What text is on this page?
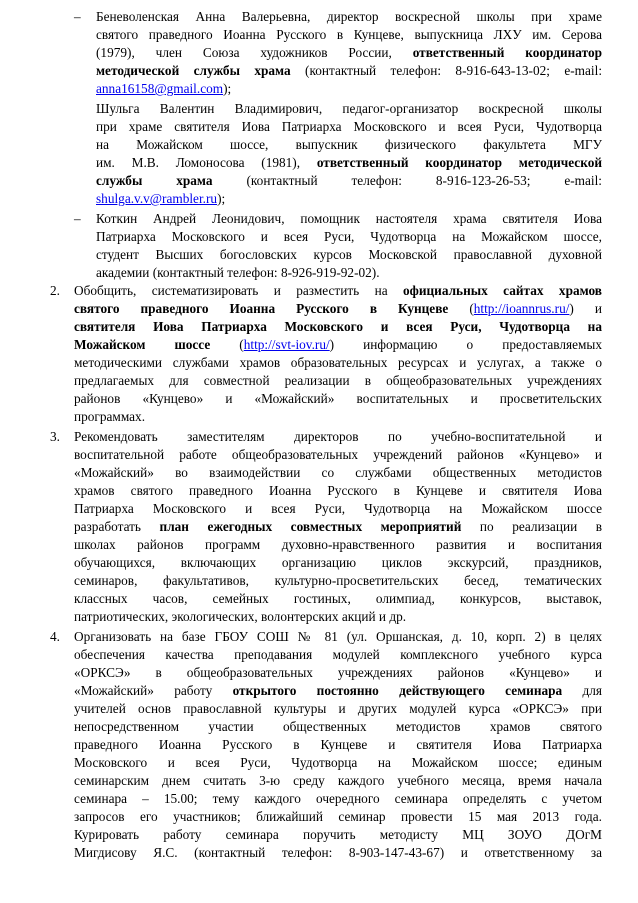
– Беневоленская Анна Валерьевна, директор воскресной школы при храме
святого праведного Иоанна Русского в Кунцеве, выпускница ЛХУ им. Серова
(1979), член Союза художников России, ответственный координатор
методической службы храма (контактный телефон: 8-916-643-13-02; e-mail:
anna16158@gmail.com);
Шульга Валентин Владимирович, педагог-организатор воскресной школы
при храме святителя Иова Патриарха Московского и всея Руси, Чудотворца
на Можайском шоссе, выпускник физического факультета МГУ
им. М.В. Ломоносова (1981), ответственный координатор методической
службы храма (контактный телефон: 8-916-123-26-53; e-mail:
shulga.v.v@rambler.ru);
– Коткин Андрей Леонидович, помощник настоятеля храма святителя Иова
Патриарха Московского и всея Руси, Чудотворца на Можайском шоссе,
студент Высших богословских курсов Московской православной духовной
академии (контактный телефон: 8-926-919-92-02).
2. Обобщить, систематизировать и разместить на официальных сайтах храмов
святого праведного Иоанна Русского в Кунцеве (http://ioannrus.ru/) и
святителя Иова Патриарха Московского и всея Руси, Чудотворца на
Можайском шоссе (http://svt-iov.ru/) информацию о предоставляемых
методическими службами храмов образовательных ресурсах и услугах, а также о
предлагаемых для совместной реализации в общеобразовательных учреждениях
районов «Кунцево» и «Можайский» воспитательных и просветительских
программах.
3. Рекомендовать заместителям директоров по учебно-воспитательной и
воспитательной работе общеобразовательных учреждений районов «Кунцево» и
«Можайский» во взаимодействии со службами общественных методистов
храмов святого праведного Иоанна Русского в Кунцеве и святителя Иова
Патриарха Московского и всея Руси, Чудотворца на Можайском шоссе
разработать план ежегодных совместных мероприятий по реализации в
школах районов программ духовно-нравственного развития и воспитания
обучающихся, включающих организацию циклов экскурсий, праздников,
семинаров, факультативов, культурно-просветительских бесед, тематических
классных часов, семейных гостиных, олимпиад, конкурсов, выставок,
патриотических, экологических, волонтерских акций и др.
4. Организовать на базе ГБОУ СОШ № 81 (ул. Оршанская, д. 10, корп. 2) в целях
обеспечения качества преподавания модулей комплексного учебного курса
«ОРКСЭ» в общеобразовательных учреждениях районов «Кунцево» и
«Можайский» работу открытого постоянно действующего семинара для
учителей основ православной культуры и других модулей курса «ОРКСЭ» при
непосредственном участии общественных методистов храмов святого
праведного Иоанна Русского в Кунцеве и святителя Иова Патриарха
Московского и всея Руси, Чудотворца на Можайском шоссе; единым
семинарским днем считать 3-ю среду каждого учебного месяца, время начала
семинара – 15.00; тему каждого очередного семинара определять с учетом
запросов его участников; ближайший семинар провести 15 мая 2013 года.
Курировать работу семинара поручить методисту МЦ ЗОУО ДОгМ
Мигдисову Я.С. (контактный телефон: 8-903-147-43-67) и ответственному за
